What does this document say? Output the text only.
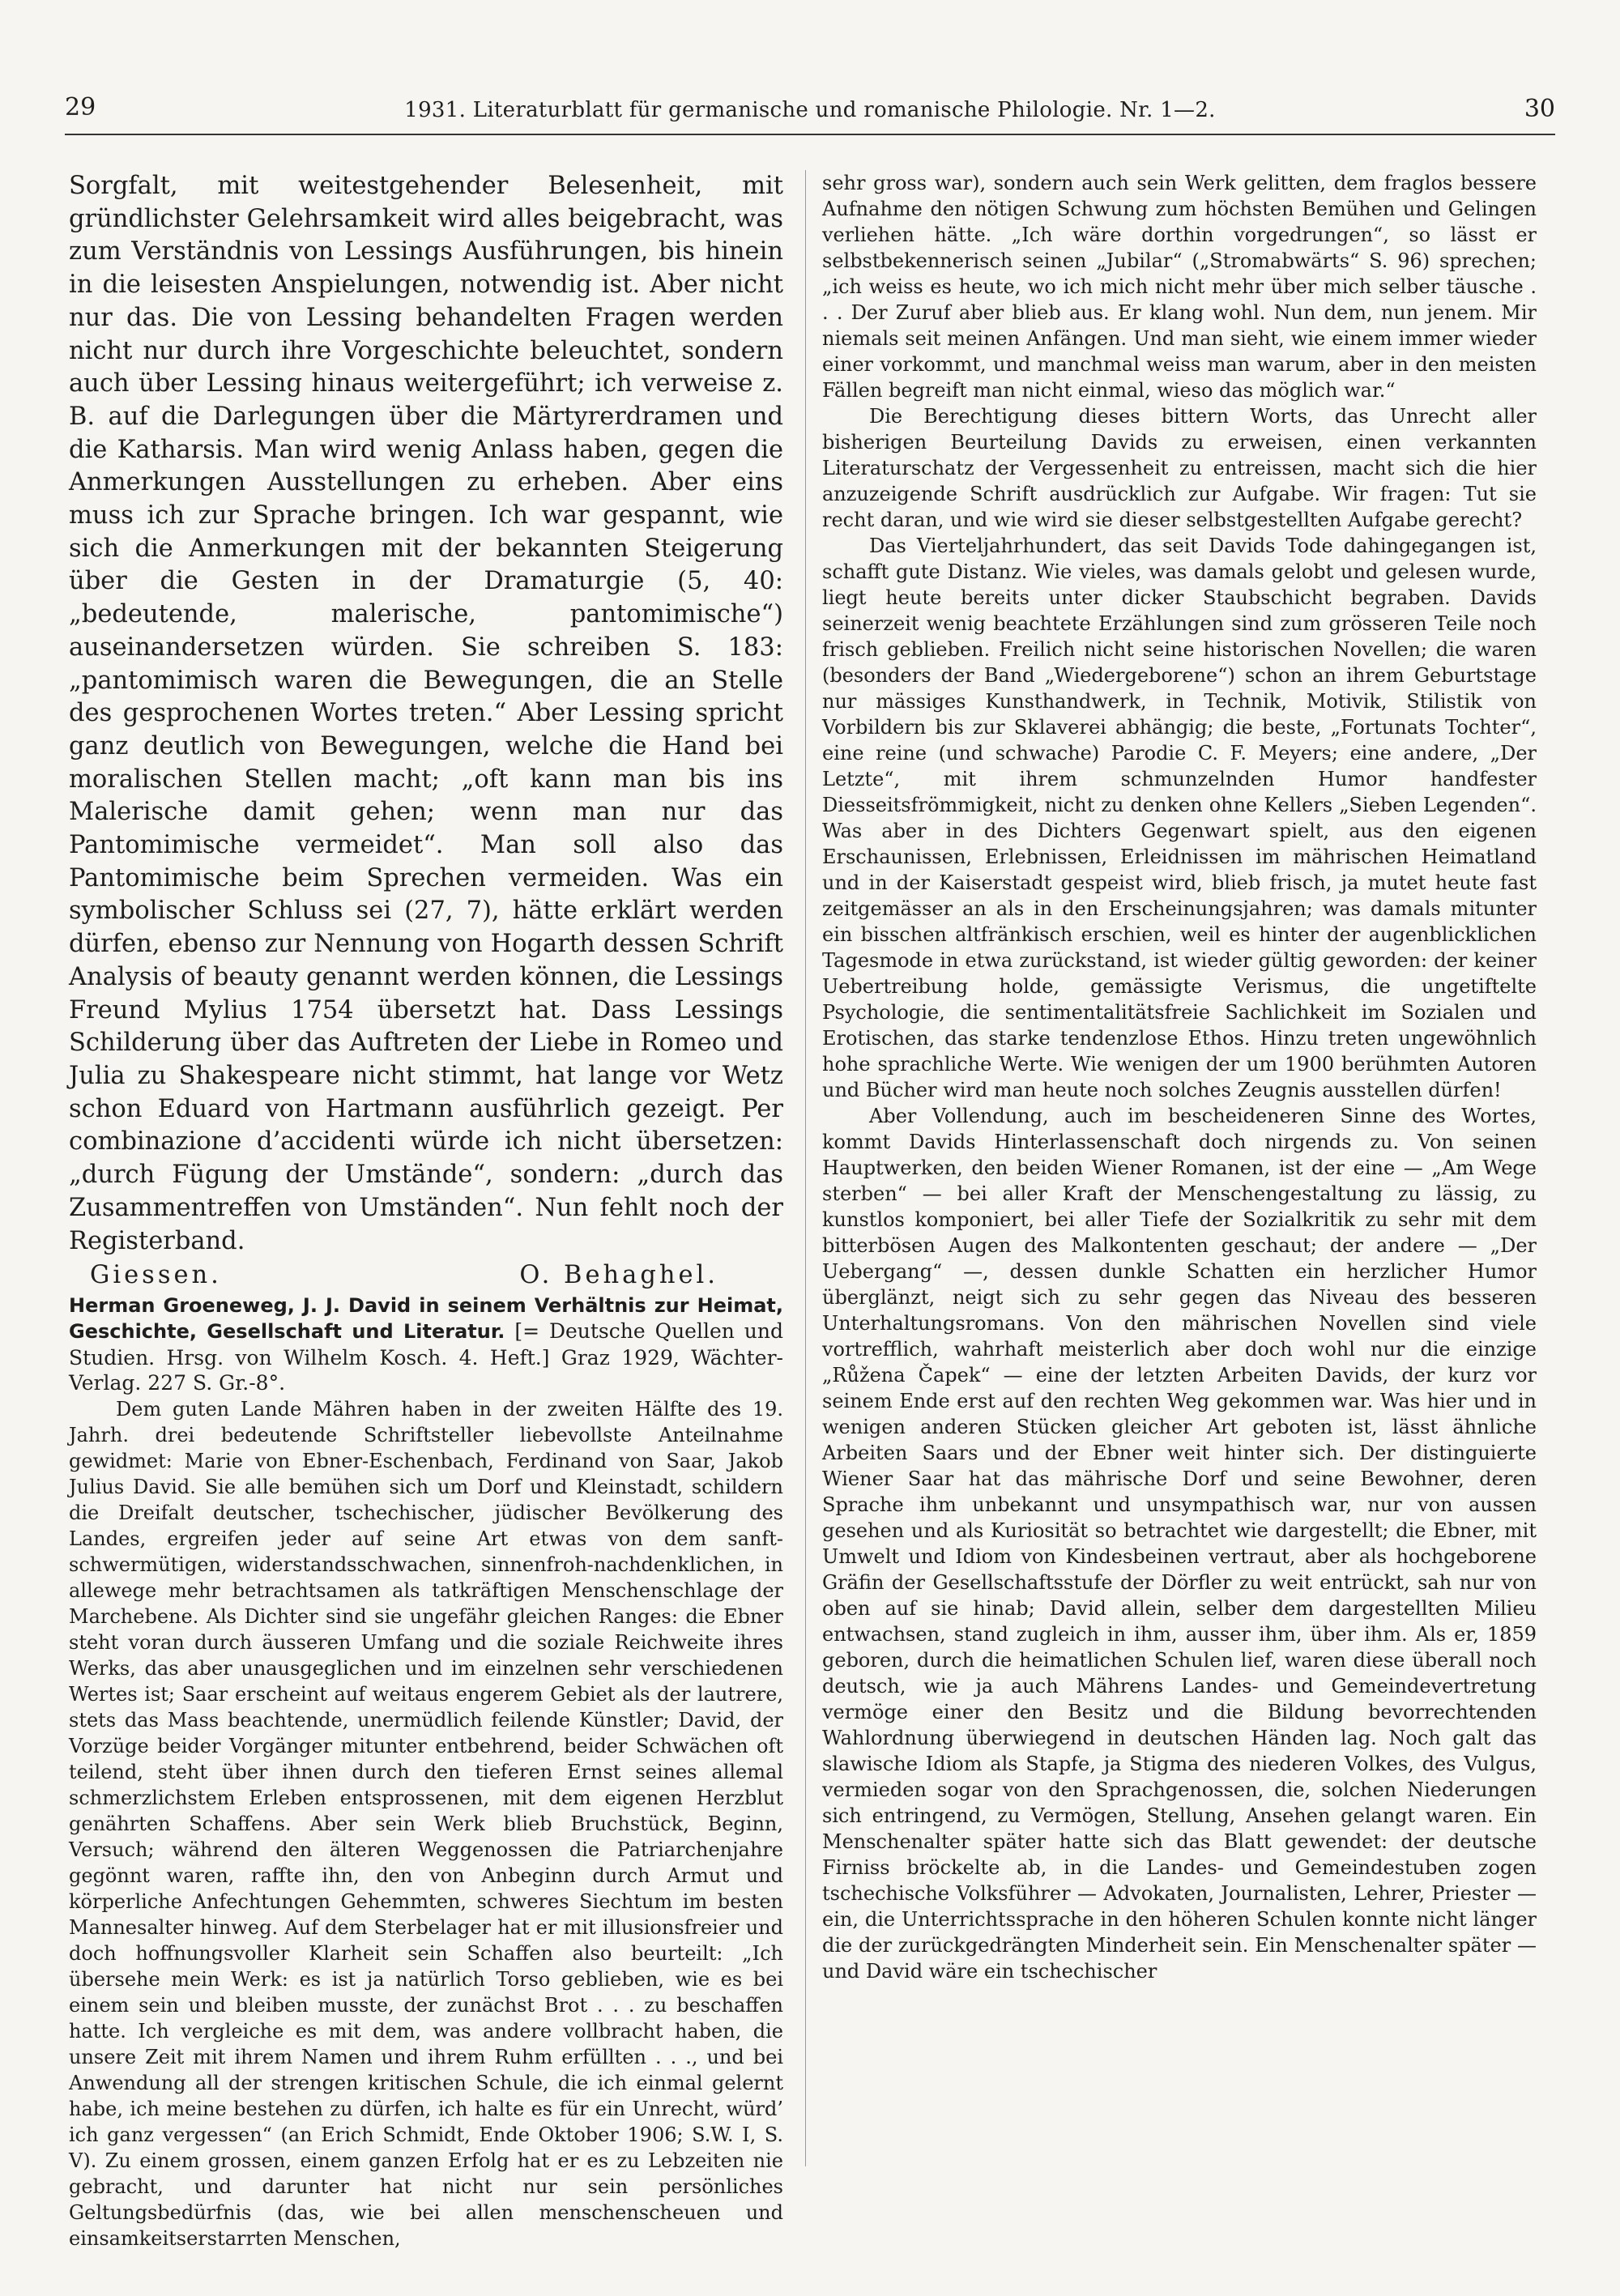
29	1931. Literaturblatt für germanische und romanische Philologie. Nr. 1—2.	30

Sorgfalt, mit weitestgehender Belesenheit, mit gründlichster Gelehrsamkeit wird alles beigebracht, was zum Verständnis von Lessings Ausführungen, bis hinein in die leisesten Anspielungen, notwendig ist. Aber nicht nur das. Die von Lessing behandelten Fragen werden nicht nur durch ihre Vorgeschichte beleuchtet, sondern auch über Lessing hinaus weitergeführt; ich verweise z. B. auf die Darlegungen über die Märtyrerdramen und die Katharsis. Man wird wenig Anlass haben, gegen die Anmerkungen Ausstellungen zu erheben. Aber eins muss ich zur Sprache bringen. Ich war gespannt, wie sich die Anmerkungen mit der bekannten Steigerung über die Gesten in der Dramaturgie (5, 40: „bedeutende, malerische, pantomimische“) auseinandersetzen würden. Sie schreiben S. 183: „pantomimisch waren die Bewegungen, die an Stelle des gesprochenen Wortes treten.“ Aber Lessing spricht ganz deutlich von Bewegungen, welche die Hand bei moralischen Stellen macht; „oft kann man bis ins Malerische damit gehen; wenn man nur das Pantomimische vermeidet“. Man soll also das Pantomimische beim Sprechen vermeiden. Was ein symbolischer Schluss sei (27, 7), hätte erklärt werden dürfen, ebenso zur Nennung von Hogarth dessen Schrift Analysis of beauty genannt werden können, die Lessings Freund Mylius 1754 übersetzt hat. Dass Lessings Schilderung über das Auftreten der Liebe in Romeo und Julia zu Shakespeare nicht stimmt, hat lange vor Wetz schon Eduard von Hartmann ausführlich gezeigt. Per combinazione d’accidenti würde ich nicht übersetzen: „durch Fügung der Umstände“, sondern: „durch das Zusammentreffen von Umständen“. Nun fehlt noch der Registerband.

Giessen.	O. Behaghel.

Herman Groeneweg, J. J. David in seinem Verhältnis zur Heimat, Geschichte, Gesellschaft und Literatur. [= Deutsche Quellen und Studien. Hrsg. von Wilhelm Kosch. 4. Heft.] Graz 1929, Wächter-Verlag. 227 S. Gr.-8°.

Dem guten Lande Mähren haben in der zweiten Hälfte des 19. Jahrh. drei bedeutende Schriftsteller liebevollste Anteilnahme gewidmet: Marie von Ebner-Eschenbach, Ferdinand von Saar, Jakob Julius David. Sie alle bemühen sich um Dorf und Kleinstadt, schildern die Dreifalt deutscher, tschechischer, jüdischer Bevölkerung des Landes, ergreifen jeder auf seine Art etwas von dem sanft-schwermütigen, widerstandsschwachen, sinnenfroh-nachdenklichen, in allewege mehr betrachtsamen als tatkräftigen Menschenschlage der Marchebene. Als Dichter sind sie ungefähr gleichen Ranges: die Ebner steht voran durch äusseren Umfang und die soziale Reichweite ihres Werks, das aber unausgeglichen und im einzelnen sehr verschiedenen Wertes ist; Saar erscheint auf weitaus engerem Gebiet als der lautrere, stets das Mass beachtende, unermüdlich feilende Künstler; David, der Vorzüge beider Vorgänger mitunter entbehrend, beider Schwächen oft teilend, steht über ihnen durch den tieferen Ernst seines allemal schmerzlichstem Erleben entsprossenen, mit dem eigenen Herzblut genährten Schaffens. Aber sein Werk blieb Bruchstück, Beginn, Versuch; während den älteren Weggenossen die Patriarchenjahre gegönnt waren, raffte ihn, den von Anbeginn durch Armut und körperliche Anfechtungen Gehemmten, schweres Siechtum im besten Mannesalter hinweg. Auf dem Sterbelager hat er mit illusionsfreier und doch hoffnungsvoller Klarheit sein Schaffen also beurteilt: „Ich übersehe mein Werk: es ist ja natürlich Torso geblieben, wie es bei einem sein und bleiben musste, der zunächst Brot . . . zu beschaffen hatte. Ich vergleiche es mit dem, was andere vollbracht haben, die unsere Zeit mit ihrem Namen und ihrem Ruhm erfüllten . . ., und bei Anwendung all der strengen kritischen Schule, die ich einmal gelernt habe, ich meine bestehen zu dürfen, ich halte es für ein Unrecht, würd’ ich ganz vergessen“ (an Erich Schmidt, Ende Oktober 1906; S.W. I, S. V). Zu einem grossen, einem ganzen Erfolg hat er es zu Lebzeiten nie gebracht, und darunter hat nicht nur sein persönliches Geltungsbedürfnis (das, wie bei allen menschenscheuen und einsamkeitserstarrten Menschen,

sehr gross war), sondern auch sein Werk gelitten, dem fraglos bessere Aufnahme den nötigen Schwung zum höchsten Bemühen und Gelingen verliehen hätte. „Ich wäre dorthin vorgedrungen“, so lässt er selbstbekennerisch seinen „Jubilar“ („Stromabwärts“ S. 96) sprechen; „ich weiss es heute, wo ich mich nicht mehr über mich selber täusche . . . Der Zuruf aber blieb aus. Er klang wohl. Nun dem, nun jenem. Mir niemals seit meinen Anfängen. Und man sieht, wie einem immer wieder einer vorkommt, und manchmal weiss man warum, aber in den meisten Fällen begreift man nicht einmal, wieso das möglich war.“

Die Berechtigung dieses bittern Worts, das Unrecht aller bisherigen Beurteilung Davids zu erweisen, einen verkannten Literaturschatz der Vergessenheit zu entreissen, macht sich die hier anzuzeigende Schrift ausdrücklich zur Aufgabe. Wir fragen: Tut sie recht daran, und wie wird sie dieser selbstgestellten Aufgabe gerecht?

Das Vierteljahrhundert, das seit Davids Tode dahingegangen ist, schafft gute Distanz. Wie vieles, was damals gelobt und gelesen wurde, liegt heute bereits unter dicker Staubschicht begraben. Davids seinerzeit wenig beachtete Erzählungen sind zum grösseren Teile noch frisch geblieben. Freilich nicht seine historischen Novellen; die waren (besonders der Band „Wiedergeborene“) schon an ihrem Geburtstage nur mässiges Kunsthandwerk, in Technik, Motivik, Stilistik von Vorbildern bis zur Sklaverei abhängig; die beste, „Fortunats Tochter“, eine reine (und schwache) Parodie C. F. Meyers; eine andere, „Der Letzte“, mit ihrem schmunzelnden Humor handfester Diesseitsfrömmigkeit, nicht zu denken ohne Kellers „Sieben Legenden“. Was aber in des Dichters Gegenwart spielt, aus den eigenen Erschaunissen, Erlebnissen, Erleidnissen im mährischen Heimatland und in der Kaiserstadt gespeist wird, blieb frisch, ja mutet heute fast zeitgemässer an als in den Erscheinungsjahren; was damals mitunter ein bisschen altfränkisch erschien, weil es hinter der augenblicklichen Tagesmode in etwa zurückstand, ist wieder gültig geworden: der keiner Uebertreibung holde, gemässigte Verismus, die ungetiftelte Psychologie, die sentimentalitätsfreie Sachlichkeit im Sozialen und Erotischen, das starke tendenzlose Ethos. Hinzu treten ungewöhnlich hohe sprachliche Werte. Wie wenigen der um 1900 berühmten Autoren und Bücher wird man heute noch solches Zeugnis ausstellen dürfen!

Aber Vollendung, auch im bescheideneren Sinne des Wortes, kommt Davids Hinterlassenschaft doch nirgends zu. Von seinen Hauptwerken, den beiden Wiener Romanen, ist der eine — „Am Wege sterben“ — bei aller Kraft der Menschengestaltung zu lässig, zu kunstlos komponiert, bei aller Tiefe der Sozialkritik zu sehr mit dem bitterbösen Augen des Malkontenten geschaut; der andere — „Der Uebergang“ —, dessen dunkle Schatten ein herzlicher Humor überglänzt, neigt sich zu sehr gegen das Niveau des besseren Unterhaltungsromans. Von den mährischen Novellen sind viele vortrefflich, wahrhaft meisterlich aber doch wohl nur die einzige „Růžena Čapek“ — eine der letzten Arbeiten Davids, der kurz vor seinem Ende erst auf den rechten Weg gekommen war. Was hier und in wenigen anderen Stücken gleicher Art geboten ist, lässt ähnliche Arbeiten Saars und der Ebner weit hinter sich. Der distinguierte Wiener Saar hat das mährische Dorf und seine Bewohner, deren Sprache ihm unbekannt und unsympathisch war, nur von aussen gesehen und als Kuriosität so betrachtet wie dargestellt; die Ebner, mit Umwelt und Idiom von Kindesbeinen vertraut, aber als hochgeborene Gräfin der Gesellschaftsstufe der Dörfler zu weit entrückt, sah nur von oben auf sie hinab; David allein, selber dem dargestellten Milieu entwachsen, stand zugleich in ihm, ausser ihm, über ihm. Als er, 1859 geboren, durch die heimatlichen Schulen lief, waren diese überall noch deutsch, wie ja auch Mährens Landes- und Gemeindevertretung vermöge einer den Besitz und die Bildung bevorrechtenden Wahlordnung überwiegend in deutschen Händen lag. Noch galt das slawische Idiom als Stapfe, ja Stigma des niederen Volkes, des Vulgus, vermieden sogar von den Sprachgenossen, die, solchen Niederungen sich entringend, zu Vermögen, Stellung, Ansehen gelangt waren. Ein Menschenalter später hatte sich das Blatt gewendet: der deutsche Firniss bröckelte ab, in die Landes- und Gemeindestuben zogen tschechische Volksführer — Advokaten, Journalisten, Lehrer, Priester — ein, die Unterrichtssprache in den höheren Schulen konnte nicht länger die der zurückgedrängten Minderheit sein. Ein Menschenalter später — und David wäre ein tschechischer
